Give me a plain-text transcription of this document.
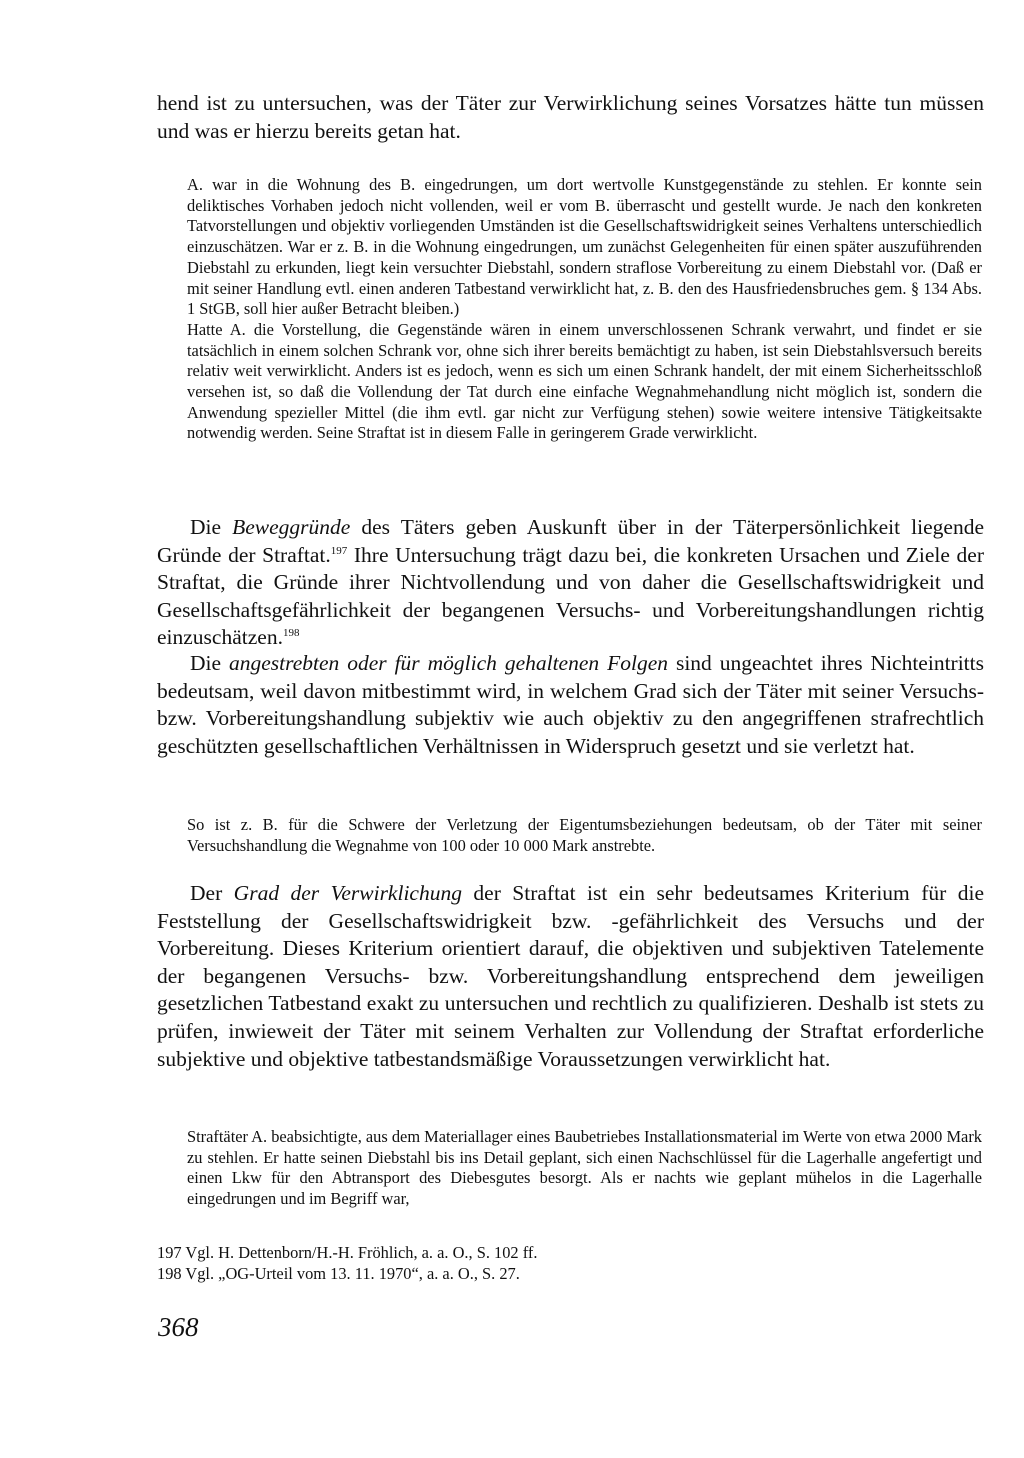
hend ist zu untersuchen, was der Täter zur Verwirklichung seines Vorsatzes hätte tun müssen und was er hierzu bereits getan hat.

A. war in die Wohnung des B. eingedrungen, um dort wertvolle Kunstgegenstände zu stehlen. Er konnte sein deliktisches Vorhaben jedoch nicht vollenden, weil er vom B. überrascht und gestellt wurde. Je nach den konkreten Tatvorstellungen und objektiv vorliegenden Umständen ist die Gesellschaftswidrigkeit seines Verhaltens unterschiedlich einzuschätzen. War er z. B. in die Wohnung eingedrungen, um zunächst Gelegenheiten für einen später auszuführenden Diebstahl zu erkunden, liegt kein versuchter Diebstahl, sondern straflose Vorbereitung zu einem Diebstahl vor. (Daß er mit seiner Handlung evtl. einen anderen Tatbestand verwirklicht hat, z. B. den des Hausfriedensbruches gem. § 134 Abs. 1 StGB, soll hier außer Betracht bleiben.)

Hatte A. die Vorstellung, die Gegenstände wären in einem unverschlossenen Schrank verwahrt, und findet er sie tatsächlich in einem solchen Schrank vor, ohne sich ihrer bereits bemächtigt zu haben, ist sein Diebstahlsversuch bereits relativ weit verwirklicht. Anders ist es jedoch, wenn es sich um einen Schrank handelt, der mit einem Sicherheitsschloß versehen ist, so daß die Vollendung der Tat durch eine einfache Wegnahmehandlung nicht möglich ist, sondern die Anwendung spezieller Mittel (die ihm evtl. gar nicht zur Verfügung stehen) sowie weitere intensive Tätigkeitsakte notwendig werden. Seine Straftat ist in diesem Falle in geringerem Grade verwirklicht.

Die Beweggründe des Täters geben Auskunft über in der Täterpersönlichkeit liegende Gründe der Straftat.$^{197}$ Ihre Untersuchung trägt dazu bei, die konkreten Ursachen und Ziele der Straftat, die Gründe ihrer Nichtvollendung und von daher die Gesellschaftswidrigkeit und Gesellschaftsgefährlichkeit der begangenen Versuchs- und Vorbereitungshandlungen richtig einzuschätzen.$^{198}$

Die angestrebten oder für möglich gehaltenen Folgen sind ungeachtet ihres Nichteintritts bedeutsam, weil davon mitbestimmt wird, in welchem Grad sich der Täter mit seiner Versuchs- bzw. Vorbereitungshandlung subjektiv wie auch objektiv zu den angegriffenen strafrechtlich geschützten gesellschaftlichen Verhältnissen in Widerspruch gesetzt und sie verletzt hat.

So ist z. B. für die Schwere der Verletzung der Eigentumsbeziehungen bedeutsam, ob der Täter mit seiner Versuchshandlung die Wegnahme von 100 oder 10 000 Mark anstrebte.

Der Grad der Verwirklichung der Straftat ist ein sehr bedeutsames Kriterium für die Feststellung der Gesellschaftswidrigkeit bzw. -gefährlichkeit des Versuchs und der Vorbereitung. Dieses Kriterium orientiert darauf, die objektiven und subjektiven Tatelemente der begangenen Versuchs- bzw. Vorbereitungshandlung entsprechend dem jeweiligen gesetzlichen Tatbestand exakt zu untersuchen und rechtlich zu qualifizieren. Deshalb ist stets zu prüfen, inwieweit der Täter mit seinem Verhalten zur Vollendung der Straftat erforderliche subjektive und objektive tatbestandsmäßige Voraussetzungen verwirklicht hat.

Straftäter A. beabsichtigte, aus dem Materiallager eines Baubetriebes Installationsmaterial im Werte von etwa 2000 Mark zu stehlen. Er hatte seinen Diebstahl bis ins Detail geplant, sich einen Nachschlüssel für die Lagerhalle angefertigt und einen Lkw für den Abtransport des Diebesgutes besorgt. Als er nachts wie geplant mühelos in die Lagerhalle eingedrungen und im Begriff war,

197 Vgl. H. Dettenborn/H.-H. Fröhlich, a. a. O., S. 102 ff.
198 Vgl. „OG-Urteil vom 13. 11. 1970“, a. a. O., S. 27.
368
